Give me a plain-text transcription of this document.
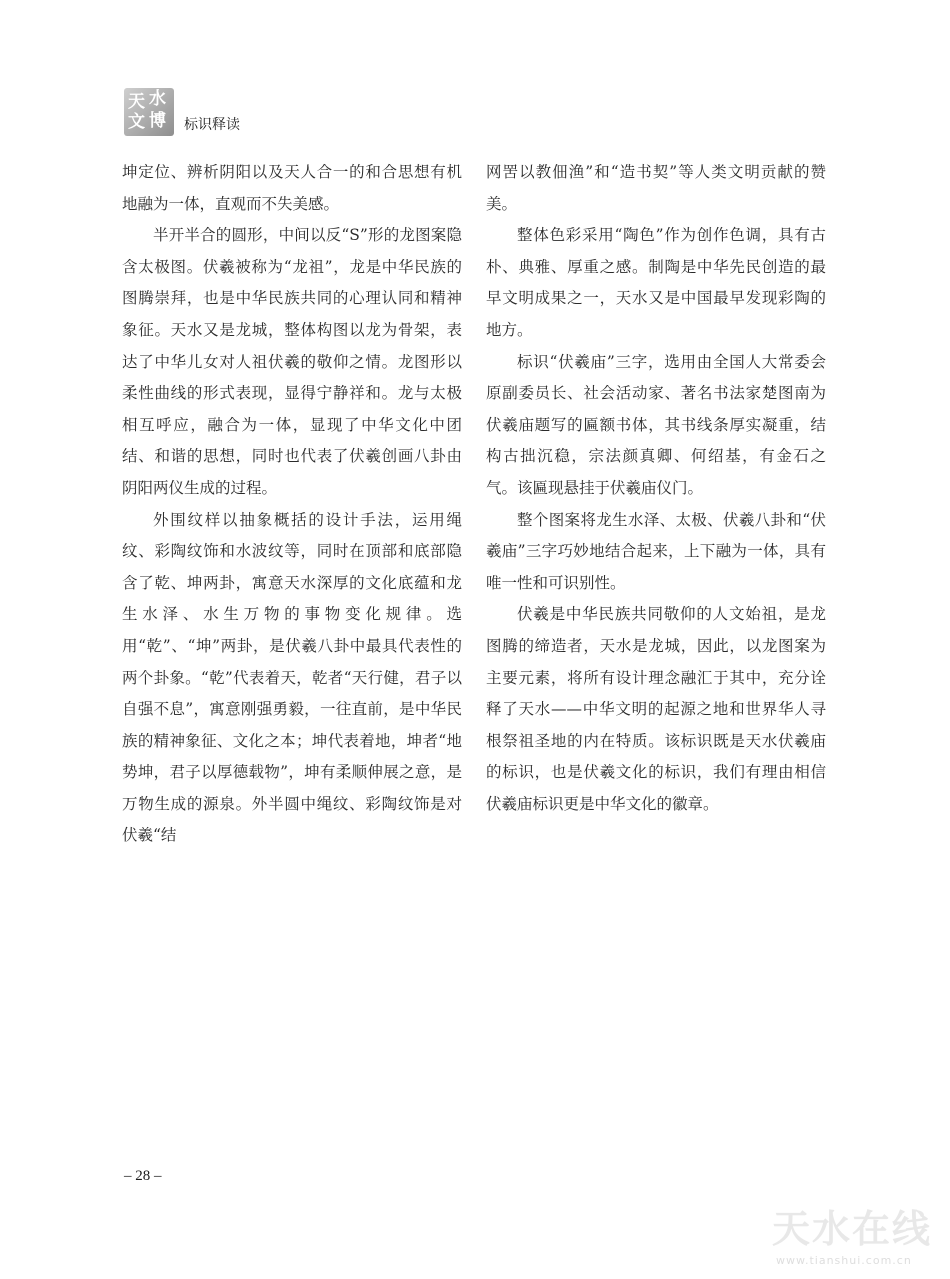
天 水
文 博 标识释读

坤定位、辨析阴阳以及天人合一的和合思想有机地融为一体，直观而不失美感。

半开半合的圆形，中间以反“S”形的龙图案隐含太极图。伏羲被称为“龙祖”，龙是中华民族的图腾崇拜，也是中华民族共同的心理认同和精神象征。天水又是龙城，整体构图以龙为骨架，表达了中华儿女对人祖伏羲的敬仰之情。龙图形以柔性曲线的形式表现，显得宁静祥和。龙与太极相互呼应，融合为一体，显现了中华文化中团结、和谐的思想，同时也代表了伏羲创画八卦由阴阳两仪生成的过程。

外围纹样以抽象概括的设计手法，运用绳纹、彩陶纹饰和水波纹等，同时在顶部和底部隐含了乾、坤两卦，寓意天水深厚的文化底蕴和龙生水泽、水生万物的事物变化规律。选用“乾”、“坤”两卦，是伏羲八卦中最具代表性的两个卦象。“乾”代表着天，乾者“天行健，君子以自强不息”，寓意刚强勇毅，一往直前，是中华民族的精神象征、文化之本；坤代表着地，坤者“地势坤，君子以厚德载物”，坤有柔顺伸展之意，是万物生成的源泉。外半圆中绳纹、彩陶纹饰是对伏羲“结

网罟以教佃渔”和“造书契”等人类文明贡献的赞美。

整体色彩采用“陶色”作为创作色调，具有古朴、典雅、厚重之感。制陶是中华先民创造的最早文明成果之一，天水又是中国最早发现彩陶的地方。

标识“伏羲庙”三字，选用由全国人大常委会原副委员长、社会活动家、著名书法家楚图南为伏羲庙题写的匾额书体，其书线条厚实凝重，结构古拙沉稳，宗法颜真卿、何绍基，有金石之气。该匾现悬挂于伏羲庙仪门。

整个图案将龙生水泽、太极、伏羲八卦和“伏羲庙”三字巧妙地结合起来，上下融为一体，具有唯一性和可识别性。

伏羲是中华民族共同敬仰的人文始祖，是龙图腾的缔造者，天水是龙城，因此，以龙图案为主要元素，将所有设计理念融汇于其中，充分诠释了天水——中华文明的起源之地和世界华人寻根祭祖圣地的内在特质。该标识既是天水伏羲庙的标识，也是伏羲文化的标识，我们有理由相信伏羲庙标识更是中华文化的徽章。

– 28 –
天水在线
www.tianshui.com.cn
